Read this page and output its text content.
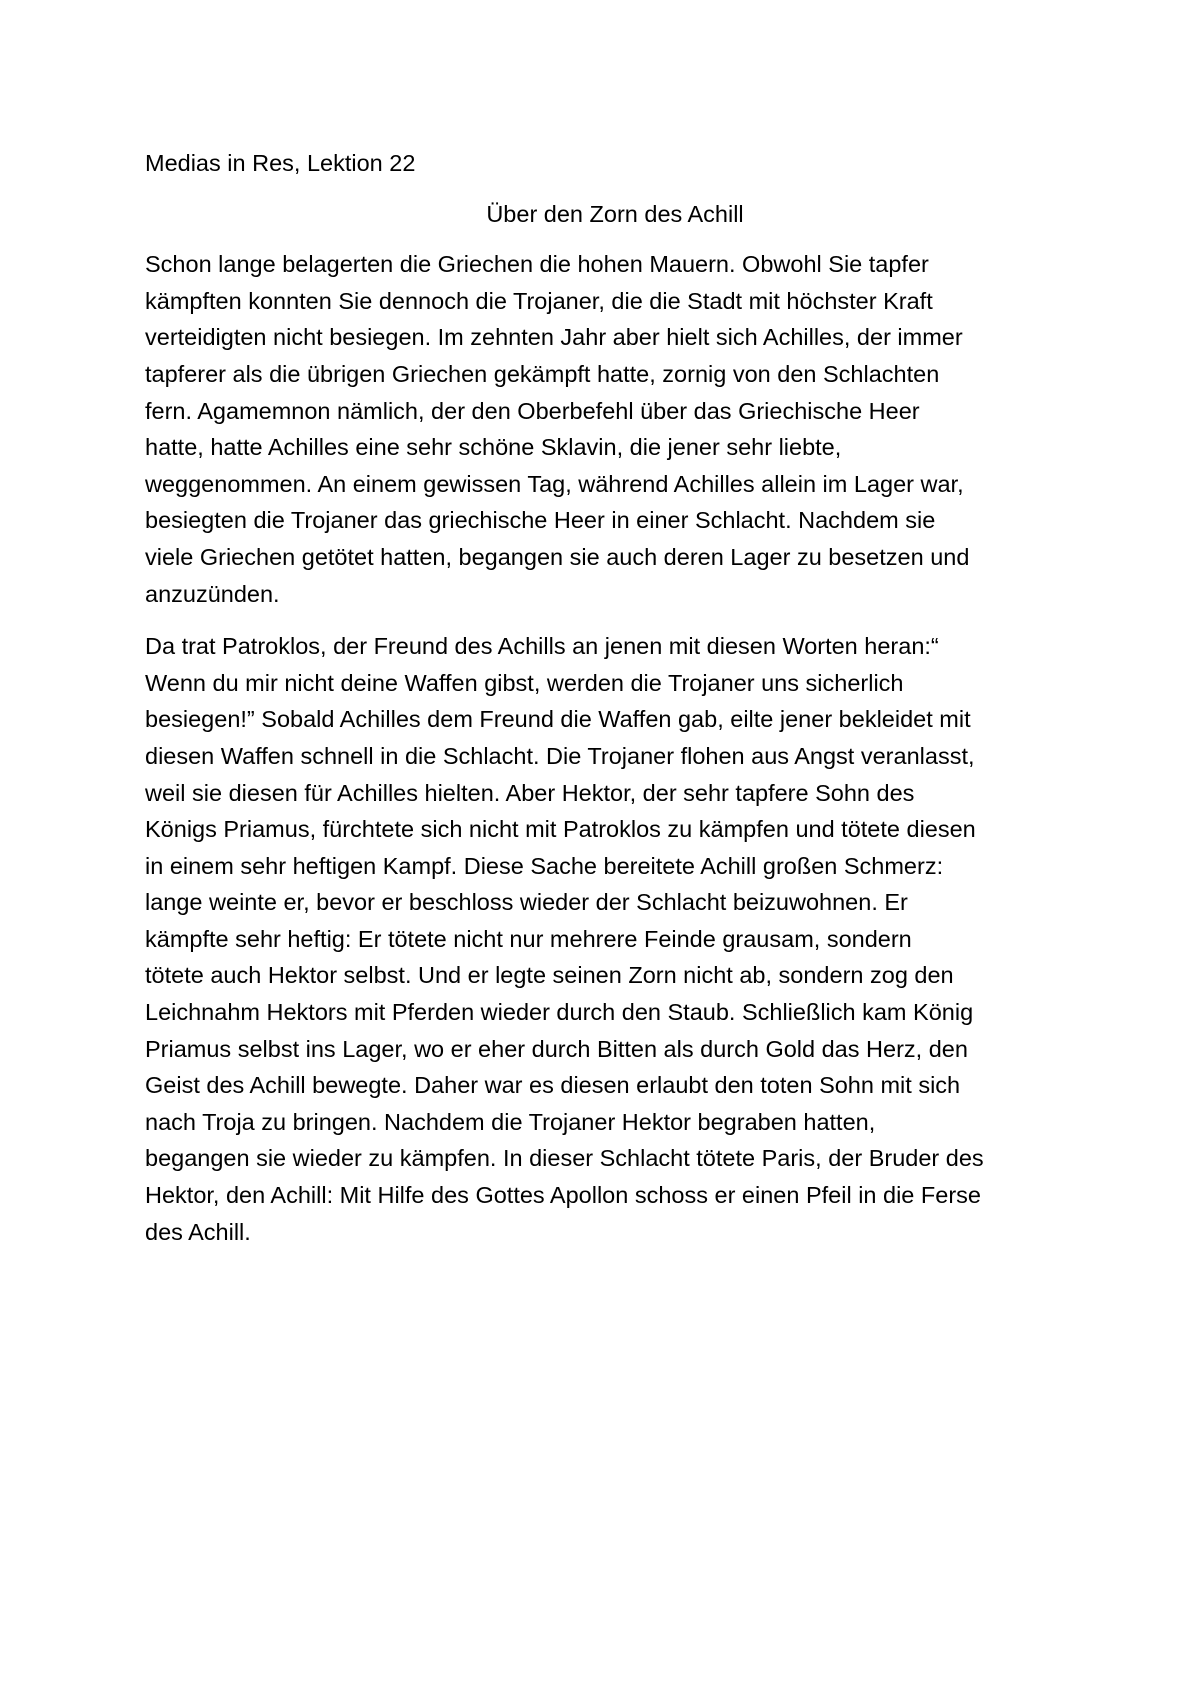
Medias in Res, Lektion 22
Über den Zorn des Achill

Schon lange belagerten die Griechen die hohen Mauern. Obwohl Sie tapfer
kämpften konnten Sie dennoch die Trojaner, die die Stadt mit höchster Kraft
verteidigten nicht besiegen. Im zehnten Jahr aber hielt sich Achilles, der immer
tapferer als die übrigen Griechen gekämpft hatte, zornig von den Schlachten
fern. Agamemnon nämlich, der den Oberbefehl über das Griechische Heer
hatte, hatte Achilles eine sehr schöne Sklavin, die jener sehr liebte,
weggenommen. An einem gewissen Tag, während Achilles allein im Lager war,
besiegten die Trojaner das griechische Heer in einer Schlacht. Nachdem sie
viele Griechen getötet hatten, begangen sie auch deren Lager zu besetzen und
anzuzünden.

Da trat Patroklos, der Freund des Achills an jenen mit diesen Worten heran:“
Wenn du mir nicht deine Waffen gibst, werden die Trojaner uns sicherlich
besiegen!” Sobald Achilles dem Freund die Waffen gab, eilte jener bekleidet mit
diesen Waffen schnell in die Schlacht. Die Trojaner flohen aus Angst veranlasst,
weil sie diesen für Achilles hielten. Aber Hektor, der sehr tapfere Sohn des
Königs Priamus, fürchtete sich nicht mit Patroklos zu kämpfen und tötete diesen
in einem sehr heftigen Kampf. Diese Sache bereitete Achill großen Schmerz:
lange weinte er, bevor er beschloss wieder der Schlacht beizuwohnen. Er
kämpfte sehr heftig: Er tötete nicht nur mehrere Feinde grausam, sondern
tötete auch Hektor selbst. Und er legte seinen Zorn nicht ab, sondern zog den
Leichnahm Hektors mit Pferden wieder durch den Staub. Schließlich kam König
Priamus selbst ins Lager, wo er eher durch Bitten als durch Gold das Herz, den
Geist des Achill bewegte. Daher war es diesen erlaubt den toten Sohn mit sich
nach Troja zu bringen. Nachdem die Trojaner Hektor begraben hatten,
begangen sie wieder zu kämpfen. In dieser Schlacht tötete Paris, der Bruder des
Hektor, den Achill: Mit Hilfe des Gottes Apollon schoss er einen Pfeil in die Ferse
des Achill.
